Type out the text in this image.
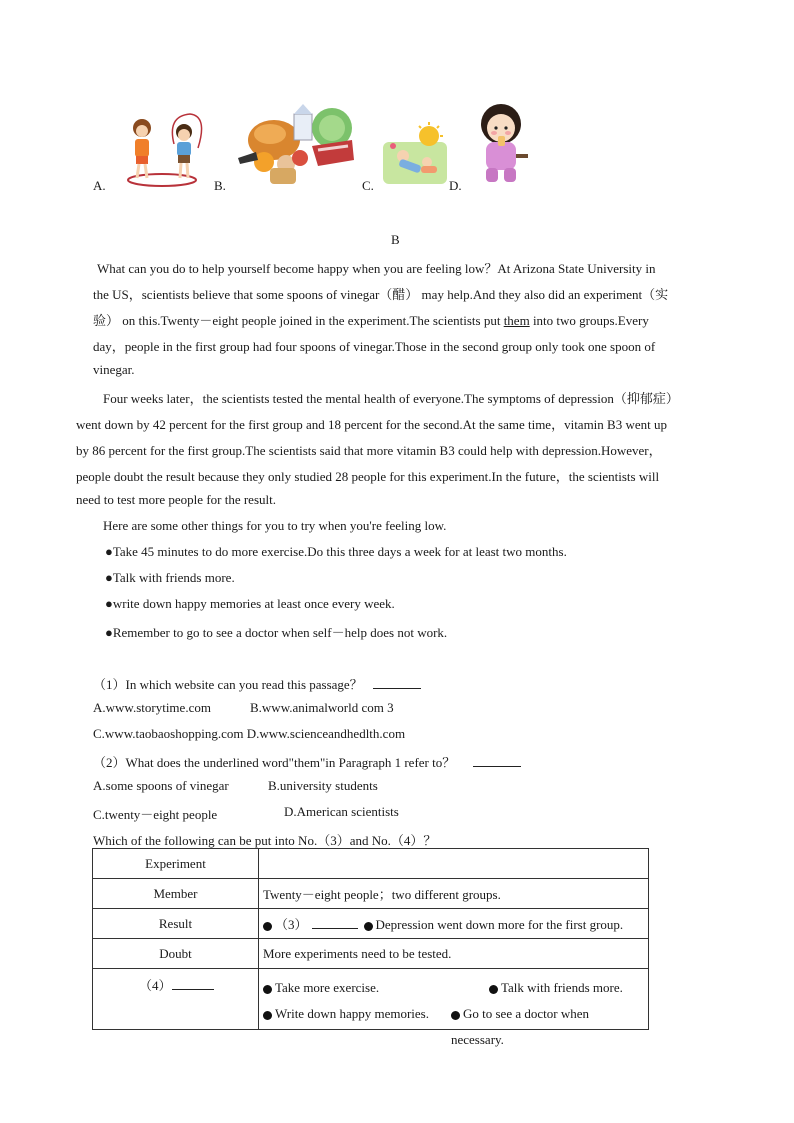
A.	B.	C.	D.
B
What can you do to help yourself become happy when you are feeling low？At Arizona State University in
the US，scientists believe that some spoons of vinegar（醋） may help.And they also did an experiment（实
验） on this.Twenty－eight people joined in the experiment.The scientists put them into two groups.Every
day，people in the first group had four spoons of vinegar.Those in the second group only took one spoon of
vinegar.
Four weeks later，the scientists tested the mental health of everyone.The symptoms of depression（抑郁症）
went down by 42 percent for the first group and 18 percent for the second.At the same time，vitamin B3 went up
by 86 percent for the first group.The scientists said that more vitamin B3 could help with depression.However，
people doubt the result because they only studied 28 people for this experiment.In the future，the scientists will
need to test more people for the result.
Here are some other things for you to try when you're feeling low.
●Take 45 minutes to do more exercise.Do this three days a week for at least two months.
●Talk with friends more.
●write down happy memories at least once every week.
●Remember to go to see a doctor when self－help does not work.
（1）In which website can you read this passage？
A.www.storytime.com	B.www.animalworld com 3
C.www.taobaoshopping.com D.www.scienceandhedlth.com
（2）What does the underlined word"them"in Paragraph 1 refer to？
A.some spoons of vinegar	B.university students
C.twenty－eight people	D.American scientists
Which of the following can be put into No.（3）and No.（4）？
Experiment	
Member	Twenty－eight people；two different groups.
Result	（3） Depression went down more for the first group.
Doubt	More experiments need to be tested.
（4）	Take more exercise. Talk with friends more.
Write down happy memories. Go to see a doctor when necessary.
